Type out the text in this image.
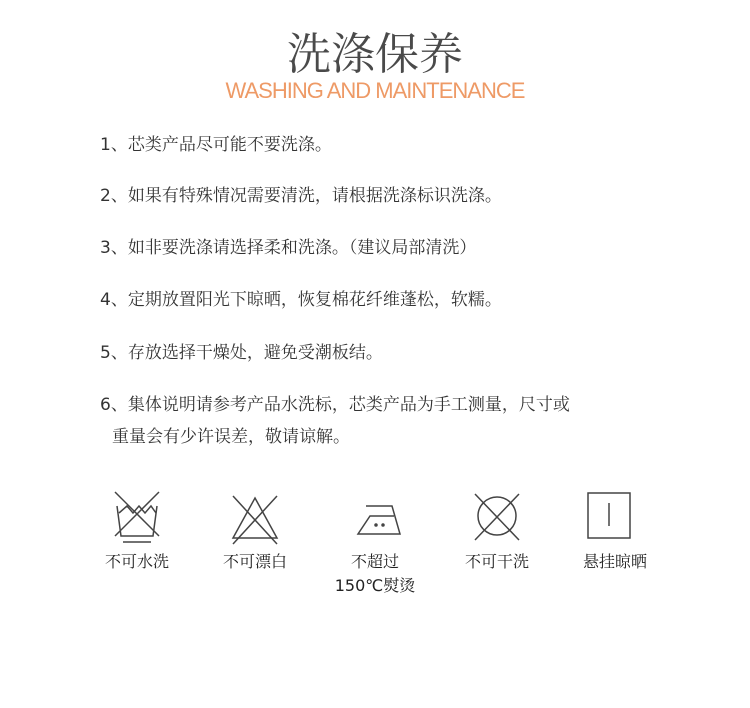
洗涤保养
WASHING AND MAINTENANCE
1、芯类产品尽可能不要洗涤。
2、如果有特殊情况需要清洗，请根据洗涤标识洗涤。
3、如非要洗涤请选择柔和洗涤。（建议局部清洗）
4、定期放置阳光下晾晒，恢复棉花纤维蓬松，软糯。
5、存放选择干燥处，避免受潮板结。
6、集体说明请参考产品水洗标，芯类产品为手工测量，尺寸或
重量会有少许误差，敬请谅解。
不可水洗	不可漂白	不超过
150℃熨烫
不可干洗	悬挂晾晒
